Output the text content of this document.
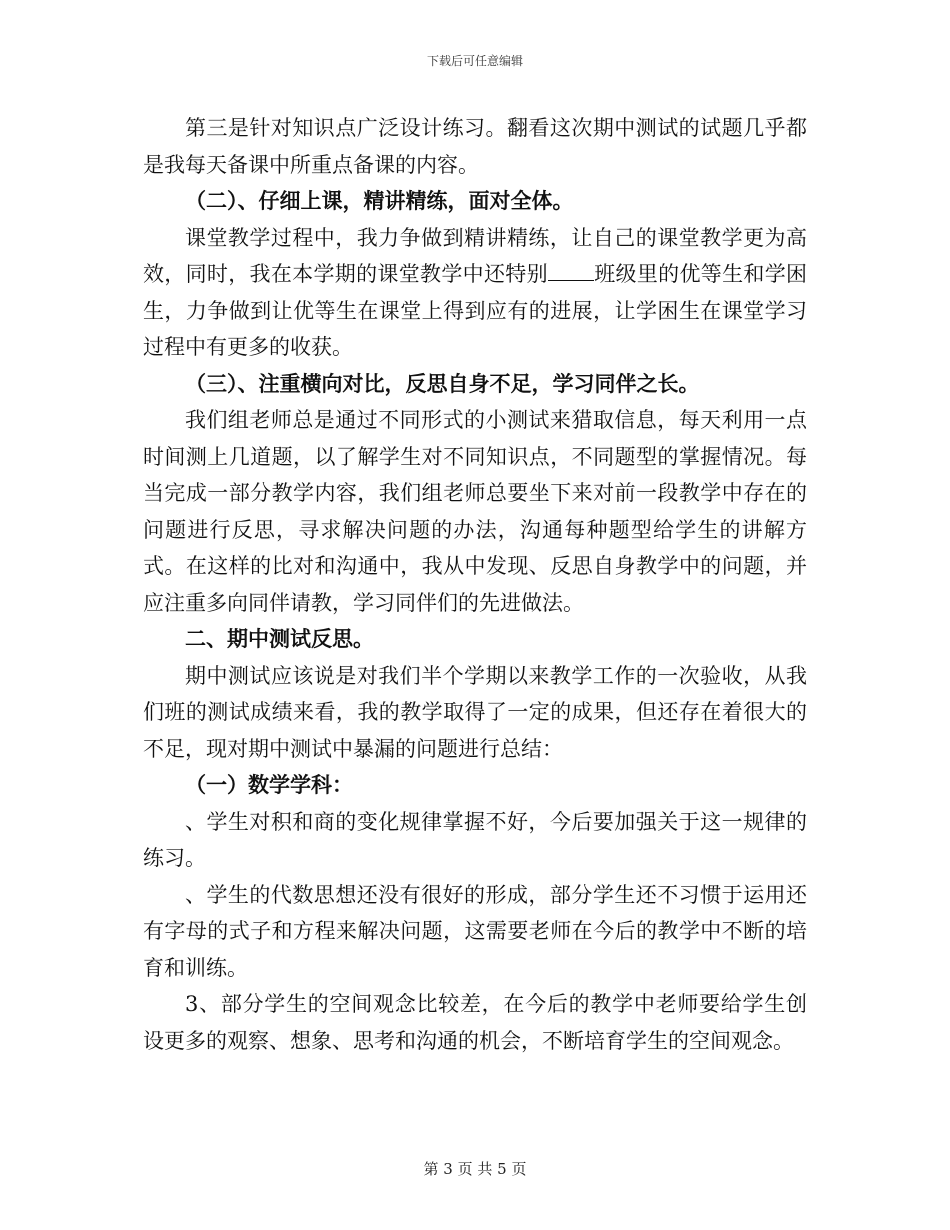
下载后可任意编辑

第三是针对知识点广泛设计练习。翻看这次期中测试的试题几乎都是我每天备课中所重点备课的内容。

（二）、仔细上课，精讲精练，面对全体。

课堂教学过程中，我力争做到精讲精练，让自己的课堂教学更为高效，同时，我在本学期的课堂教学中还特别 班级里的优等生和学困生，力争做到让优等生在课堂上得到应有的进展，让学困生在课堂学习过程中有更多的收获。

（三）、注重横向对比，反思自身不足，学习同伴之长。

我们组老师总是通过不同形式的小测试来猎取信息，每天利用一点时间测上几道题，以了解学生对不同知识点，不同题型的掌握情况。每当完成一部分教学内容，我们组老师总要坐下来对前一段教学中存在的问题进行反思，寻求解决问题的办法，沟通每种题型给学生的讲解方式。在这样的比对和沟通中，我从中发现、反思自身教学中的问题，并应注重多向同伴请教，学习同伴们的先进做法。

二、期中测试反思。

期中测试应该说是对我们半个学期以来教学工作的一次验收，从我们班的测试成绩来看，我的教学取得了一定的成果，但还存在着很大的不足，现对期中测试中暴漏的问题进行总结：

（一）数学学科：

、学生对积和商的变化规律掌握不好，今后要加强关于这一规律的练习。

、学生的代数思想还没有很好的形成，部分学生还不习惯于运用还有字母的式子和方程来解决问题，这需要老师在今后的教学中不断的培育和训练。

3、部分学生的空间观念比较差，在今后的教学中老师要给学生创设更多的观察、想象、思考和沟通的机会，不断培育学生的空间观念。

第 3 页 共 5 页
